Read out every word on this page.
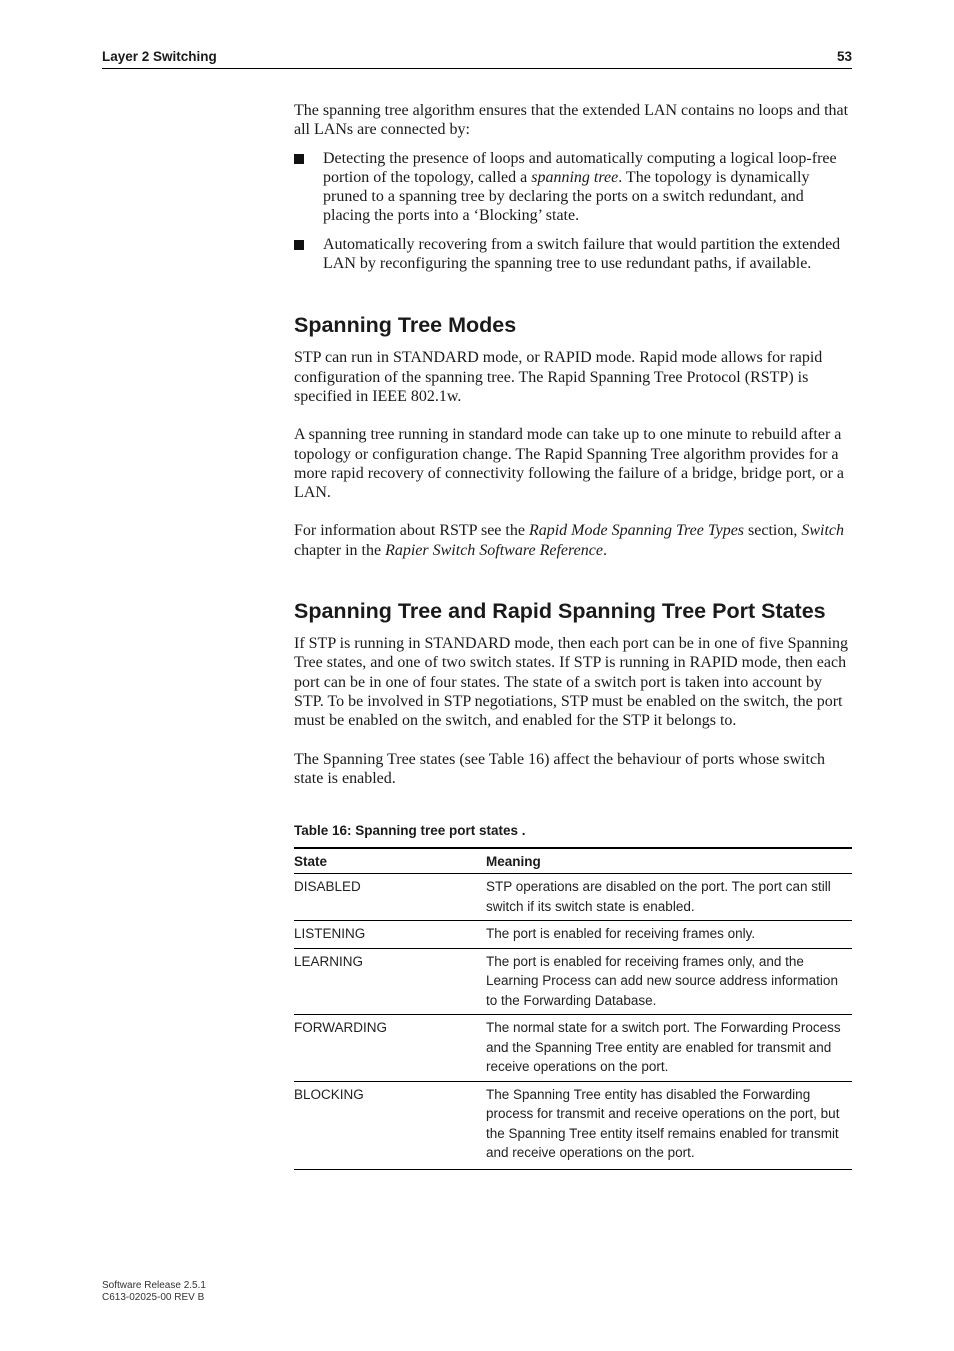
Layer 2 Switching	53

The spanning tree algorithm ensures that the extended LAN contains no loops and that all LANs are connected by:

Detecting the presence of loops and automatically computing a logical loop-free portion of the topology, called a spanning tree. The topology is dynamically pruned to a spanning tree by declaring the ports on a switch redundant, and placing the ports into a ‘Blocking’ state.
Automatically recovering from a switch failure that would partition the extended LAN by reconfiguring the spanning tree to use redundant paths, if available.
Spanning Tree Modes

STP can run in STANDARD mode, or RAPID mode. Rapid mode allows for rapid configuration of the spanning tree. The Rapid Spanning Tree Protocol (RSTP) is specified in IEEE 802.1w.

A spanning tree running in standard mode can take up to one minute to rebuild after a topology or configuration change. The Rapid Spanning Tree algorithm provides for a more rapid recovery of connectivity following the failure of a bridge, bridge port, or a LAN.

For information about RSTP see the Rapid Mode Spanning Tree Types section, Switch chapter in the Rapier Switch Software Reference.

Spanning Tree and Rapid Spanning Tree Port States

If STP is running in STANDARD mode, then each port can be in one of five Spanning Tree states, and one of two switch states. If STP is running in RAPID mode, then each port can be in one of four states. The state of a switch port is taken into account by STP. To be involved in STP negotiations, STP must be enabled on the switch, the port must be enabled on the switch, and enabled for the STP it belongs to.

The Spanning Tree states (see Table 16) affect the behaviour of ports whose switch state is enabled.

Table 16: Spanning tree port states .
State	Meaning
DISABLED	STP operations are disabled on the port. The port can still switch if its switch state is enabled.
LISTENING	The port is enabled for receiving frames only.
LEARNING	The port is enabled for receiving frames only, and the Learning Process can add new source address information to the Forwarding Database.
FORWARDING	The normal state for a switch port. The Forwarding Process and the Spanning Tree entity are enabled for transmit and receive operations on the port.
BLOCKING	The Spanning Tree entity has disabled the Forwarding process for transmit and receive operations on the port, but the Spanning Tree entity itself remains enabled for transmit and receive operations on the port.
Software Release 2.5.1
C613-02025-00 REV B
